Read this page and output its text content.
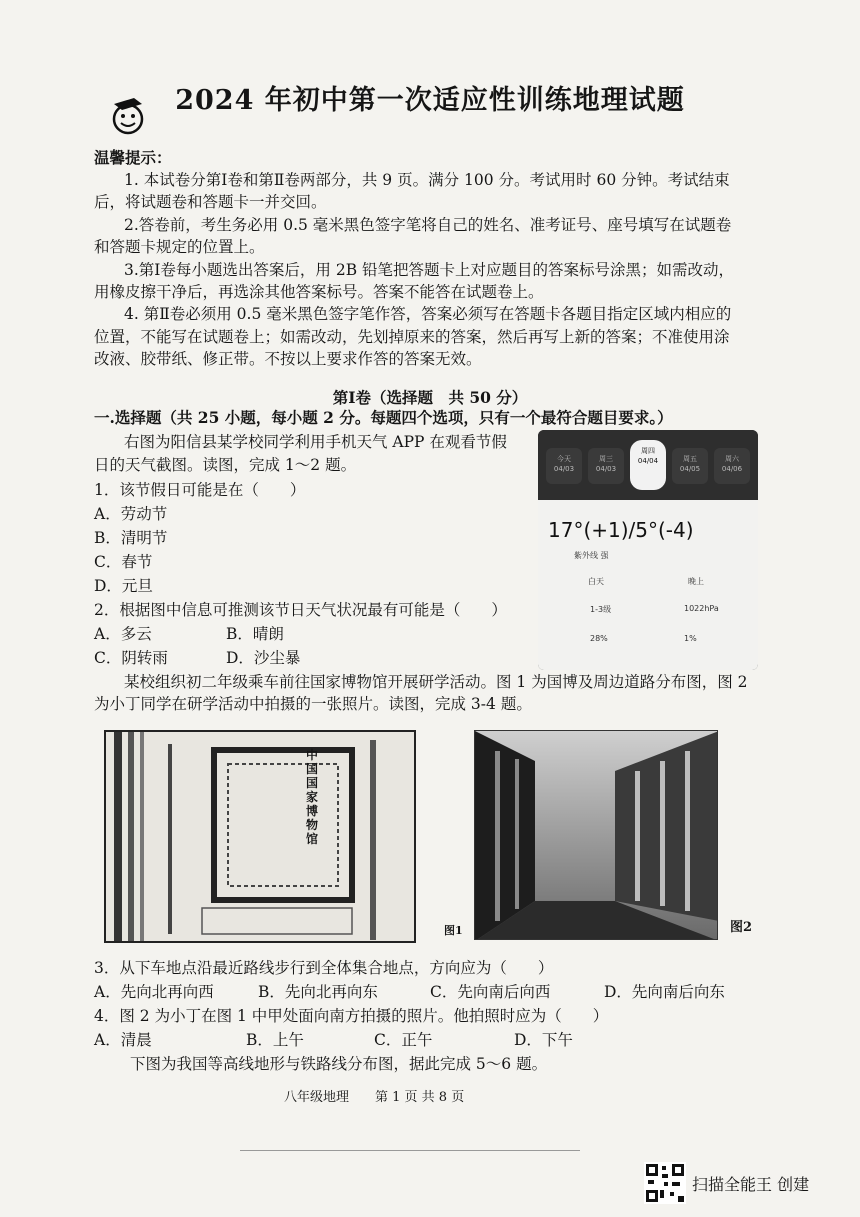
2024 年初中第一次适应性训练地理试题
温馨提示：
1. 本试卷分第Ⅰ卷和第Ⅱ卷两部分，共 9 页。满分 100 分。考试用时 60 分钟。考试结束
后，将试题卷和答题卡一并交回。
2.答卷前，考生务必用 0.5 毫米黑色签字笔将自己的姓名、准考证号、座号填写在试题卷
和答题卡规定的位置上。
3.第Ⅰ卷每小题选出答案后，用 2B 铅笔把答题卡上对应题目的答案标号涂黑；如需改动，
用橡皮擦干净后，再选涂其他答案标号。答案不能答在试题卷上。
4. 第Ⅱ卷必须用 0.5 毫米黑色签字笔作答，答案必须写在答题卡各题目指定区域内相应的
位置，不能写在试题卷上；如需改动，先划掉原来的答案，然后再写上新的答案；不准使用涂
改液、胶带纸、修正带。不按以上要求作答的答案无效。
第Ⅰ卷（选择题　共 50 分）
一.选择题（共 25 小题，每小题 2 分。每题四个选项，只有一个最符合题目要求。）
右图为阳信县某学校同学利用手机天气 APP 在观看节假
日的天气截图。读图，完成 1～2 题。
1．该节假日可能是在（　　）
A．劳动节
B．清明节
C．春节
D．元旦
2．根据图中信息可推测该节日天气状况最有可能是（　　）
A．多云	B．晴朗
C．阴转雨	D．沙尘暴
今天
04/03
周三
04/03
周四
04/04	周五
04/05
周六
04/06
17°(+1)/5°(-4)
紫外线 强
白天	晚上
1-3级	1022hPa
28%	1%
某校组织初二年级乘车前往国家博物馆开展研学活动。图 1 为国博及周边道路分布图，图 2
为小丁同学在研学活动中拍摄的一张照片。读图，完成 3-4 题。
中国国家博物馆
图1	图2
3．从下车地点沿最近路线步行到全体集合地点，方向应为（　　）
A．先向北再向西	B．先向北再向东	C．先向南后向西	D．先向南后向东
4．图 2 为小丁在图 1 中甲处面向南方拍摄的照片。他拍照时应为（　　）
A．清晨	B．上午	C．正午	D．下午
下图为我国等高线地形与铁路线分布图，据此完成 5～6 题。
八年级地理　　第 1 页 共 8 页
扫描全能王 创建
